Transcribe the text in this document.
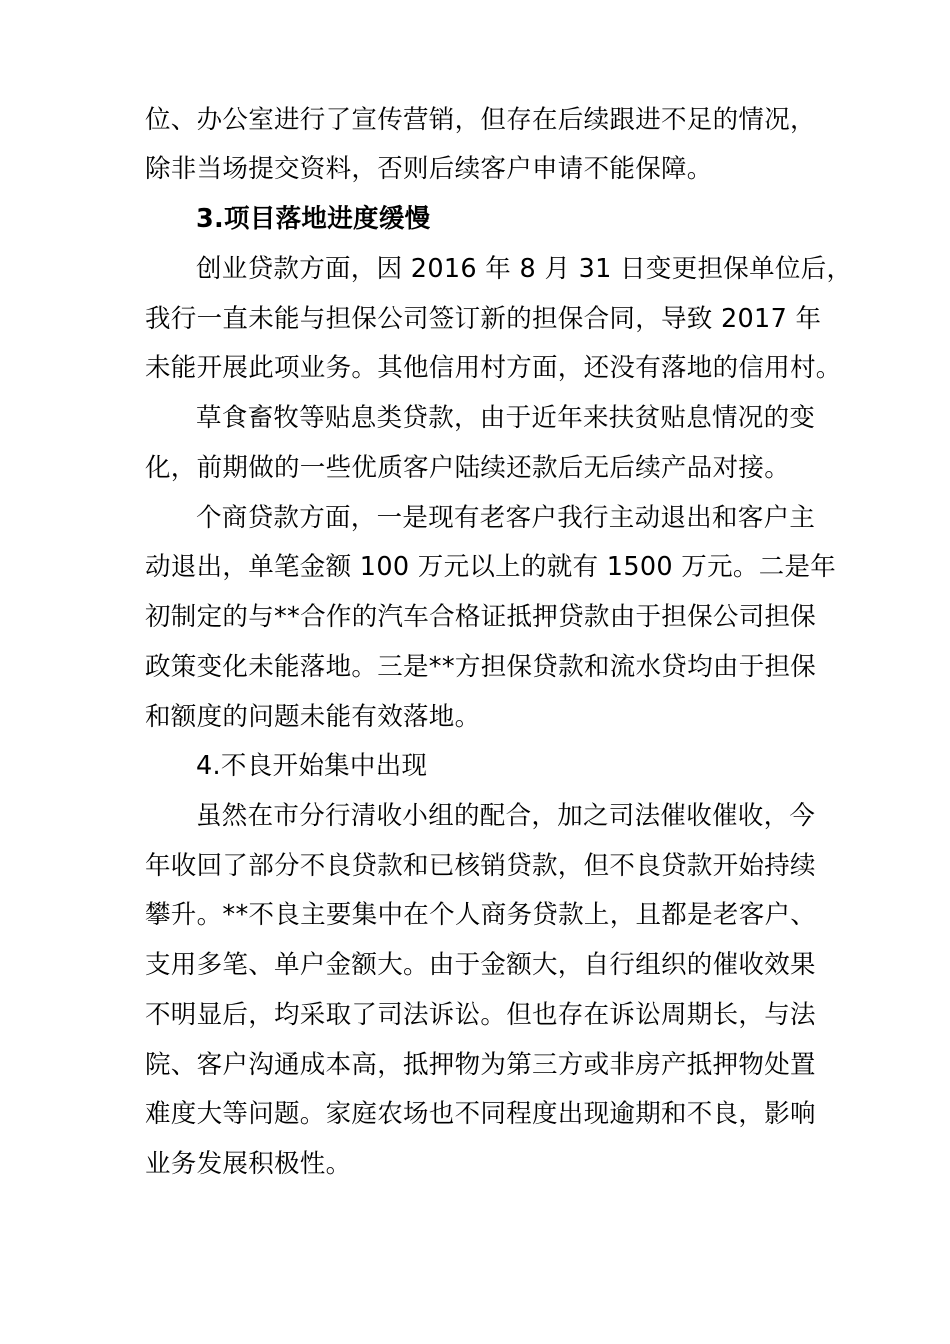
位、办公室进行了宣传营销，但存在后续跟进不足的情况，
除非当场提交资料，否则后续客户申请不能保障。
3.项目落地进度缓慢
创业贷款方面，因 2016 年 8 月 31 日变更担保单位后，
我行一直未能与担保公司签订新的担保合同，导致 2017 年
未能开展此项业务。其他信用村方面，还没有落地的信用村。
草食畜牧等贴息类贷款，由于近年来扶贫贴息情况的变
化，前期做的一些优质客户陆续还款后无后续产品对接。
个商贷款方面，一是现有老客户我行主动退出和客户主
动退出，单笔金额 100 万元以上的就有 1500 万元。二是年
初制定的与**合作的汽车合格证抵押贷款由于担保公司担保
政策变化未能落地。三是**方担保贷款和流水贷均由于担保
和额度的问题未能有效落地。
4.不良开始集中出现
虽然在市分行清收小组的配合，加之司法催收催收，今
年收回了部分不良贷款和已核销贷款，但不良贷款开始持续
攀升。**不良主要集中在个人商务贷款上，且都是老客户、
支用多笔、单户金额大。由于金额大，自行组织的催收效果
不明显后，均采取了司法诉讼。但也存在诉讼周期长，与法
院、客户沟通成本高，抵押物为第三方或非房产抵押物处置
难度大等问题。家庭农场也不同程度出现逾期和不良，影响
业务发展积极性。
